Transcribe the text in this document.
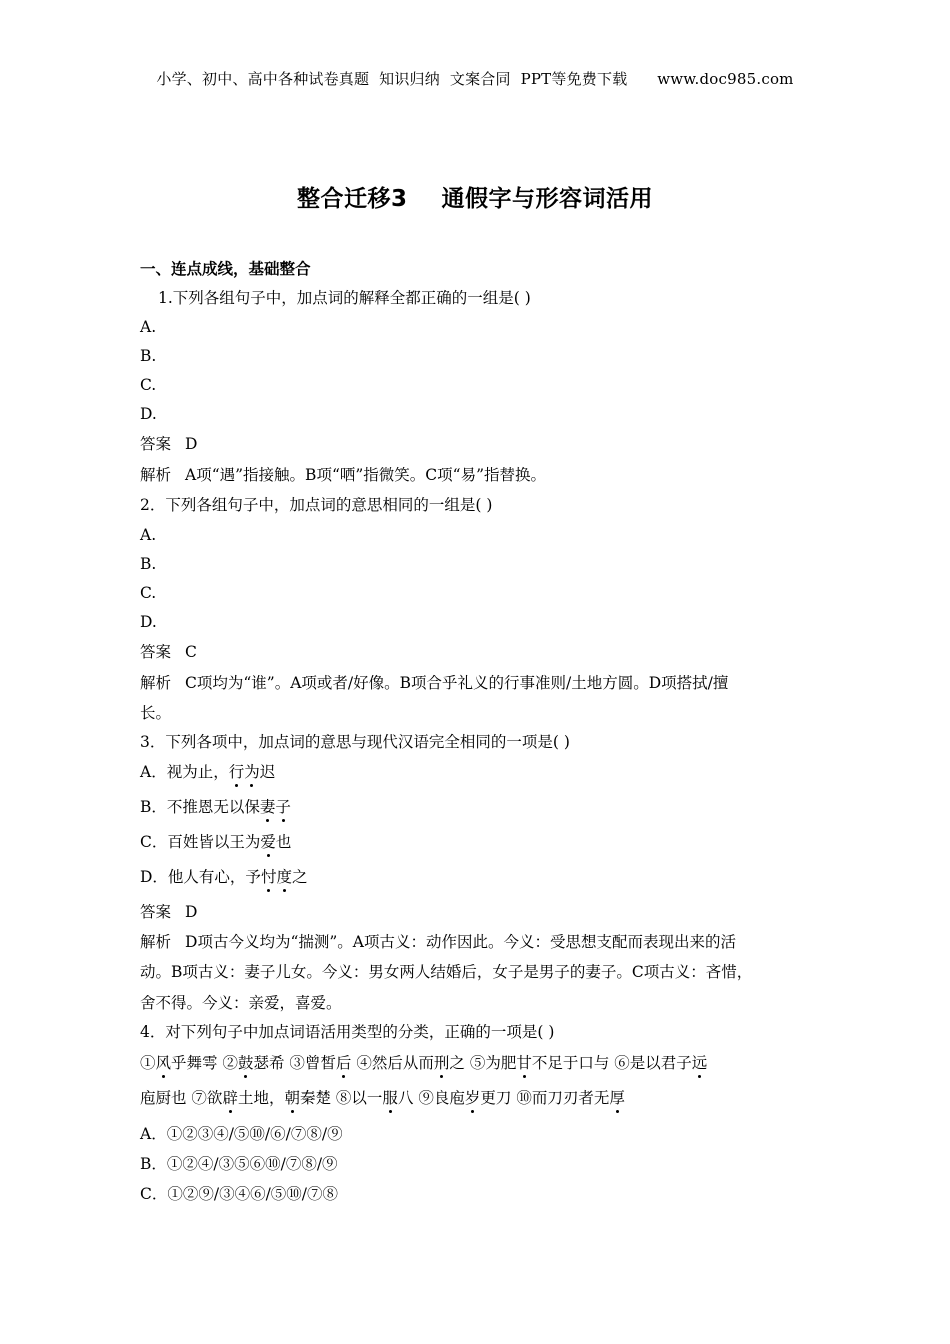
小学、初中、高中各种试卷真题  知识归纳  文案合同  PPT等免费下载      www.doc985.com
整合迁移3    通假字与形容词活用
一、连点成线，基础整合
1.下列各组句子中，加点词的解释全都正确的一组是( )
A.
B.
C.
D.
答案 D
解析 A项“遇”指接触。B项“哂”指微笑。C项“易”指替换。
2．下列各组句子中，加点词的意思相同的一组是( )
A.
B.
C.
D.
答案 C
解析 C项均为“谁”。A项或者/好像。B项合乎礼义的行事准则/土地方圆。D项搭拭/擅
长。
3．下列各项中，加点词的意思与现代汉语完全相同的一项是( )
A．视为止，行为迟
B．不推恩无以保妻子
C．百姓皆以王为爱也
D．他人有心，予忖度之
答案 D
解析 D项古今义均为“揣测”。A项古义：动作因此。今义：受思想支配而表现出来的活
动。B项古义：妻子儿女。今义：男女两人结婚后，女子是男子的妻子。C项古义：吝惜，
舍不得。今义：亲爱，喜爱。
4．对下列句子中加点词语活用类型的分类，正确的一项是( )
①风乎舞雩 ②鼓瑟希 ③曾皙后 ④然后从而刑之 ⑤为肥甘不足于口与 ⑥是以君子远
庖厨也 ⑦欲辟土地，朝秦楚 ⑧以一服八 ⑨良庖岁更刀 ⑩而刀刃者无厚
A．①②③④/⑤⑩/⑥/⑦⑧/⑨
B．①②④/③⑤⑥⑩/⑦⑧/⑨
C．①②⑨/③④⑥/⑤⑩/⑦⑧
